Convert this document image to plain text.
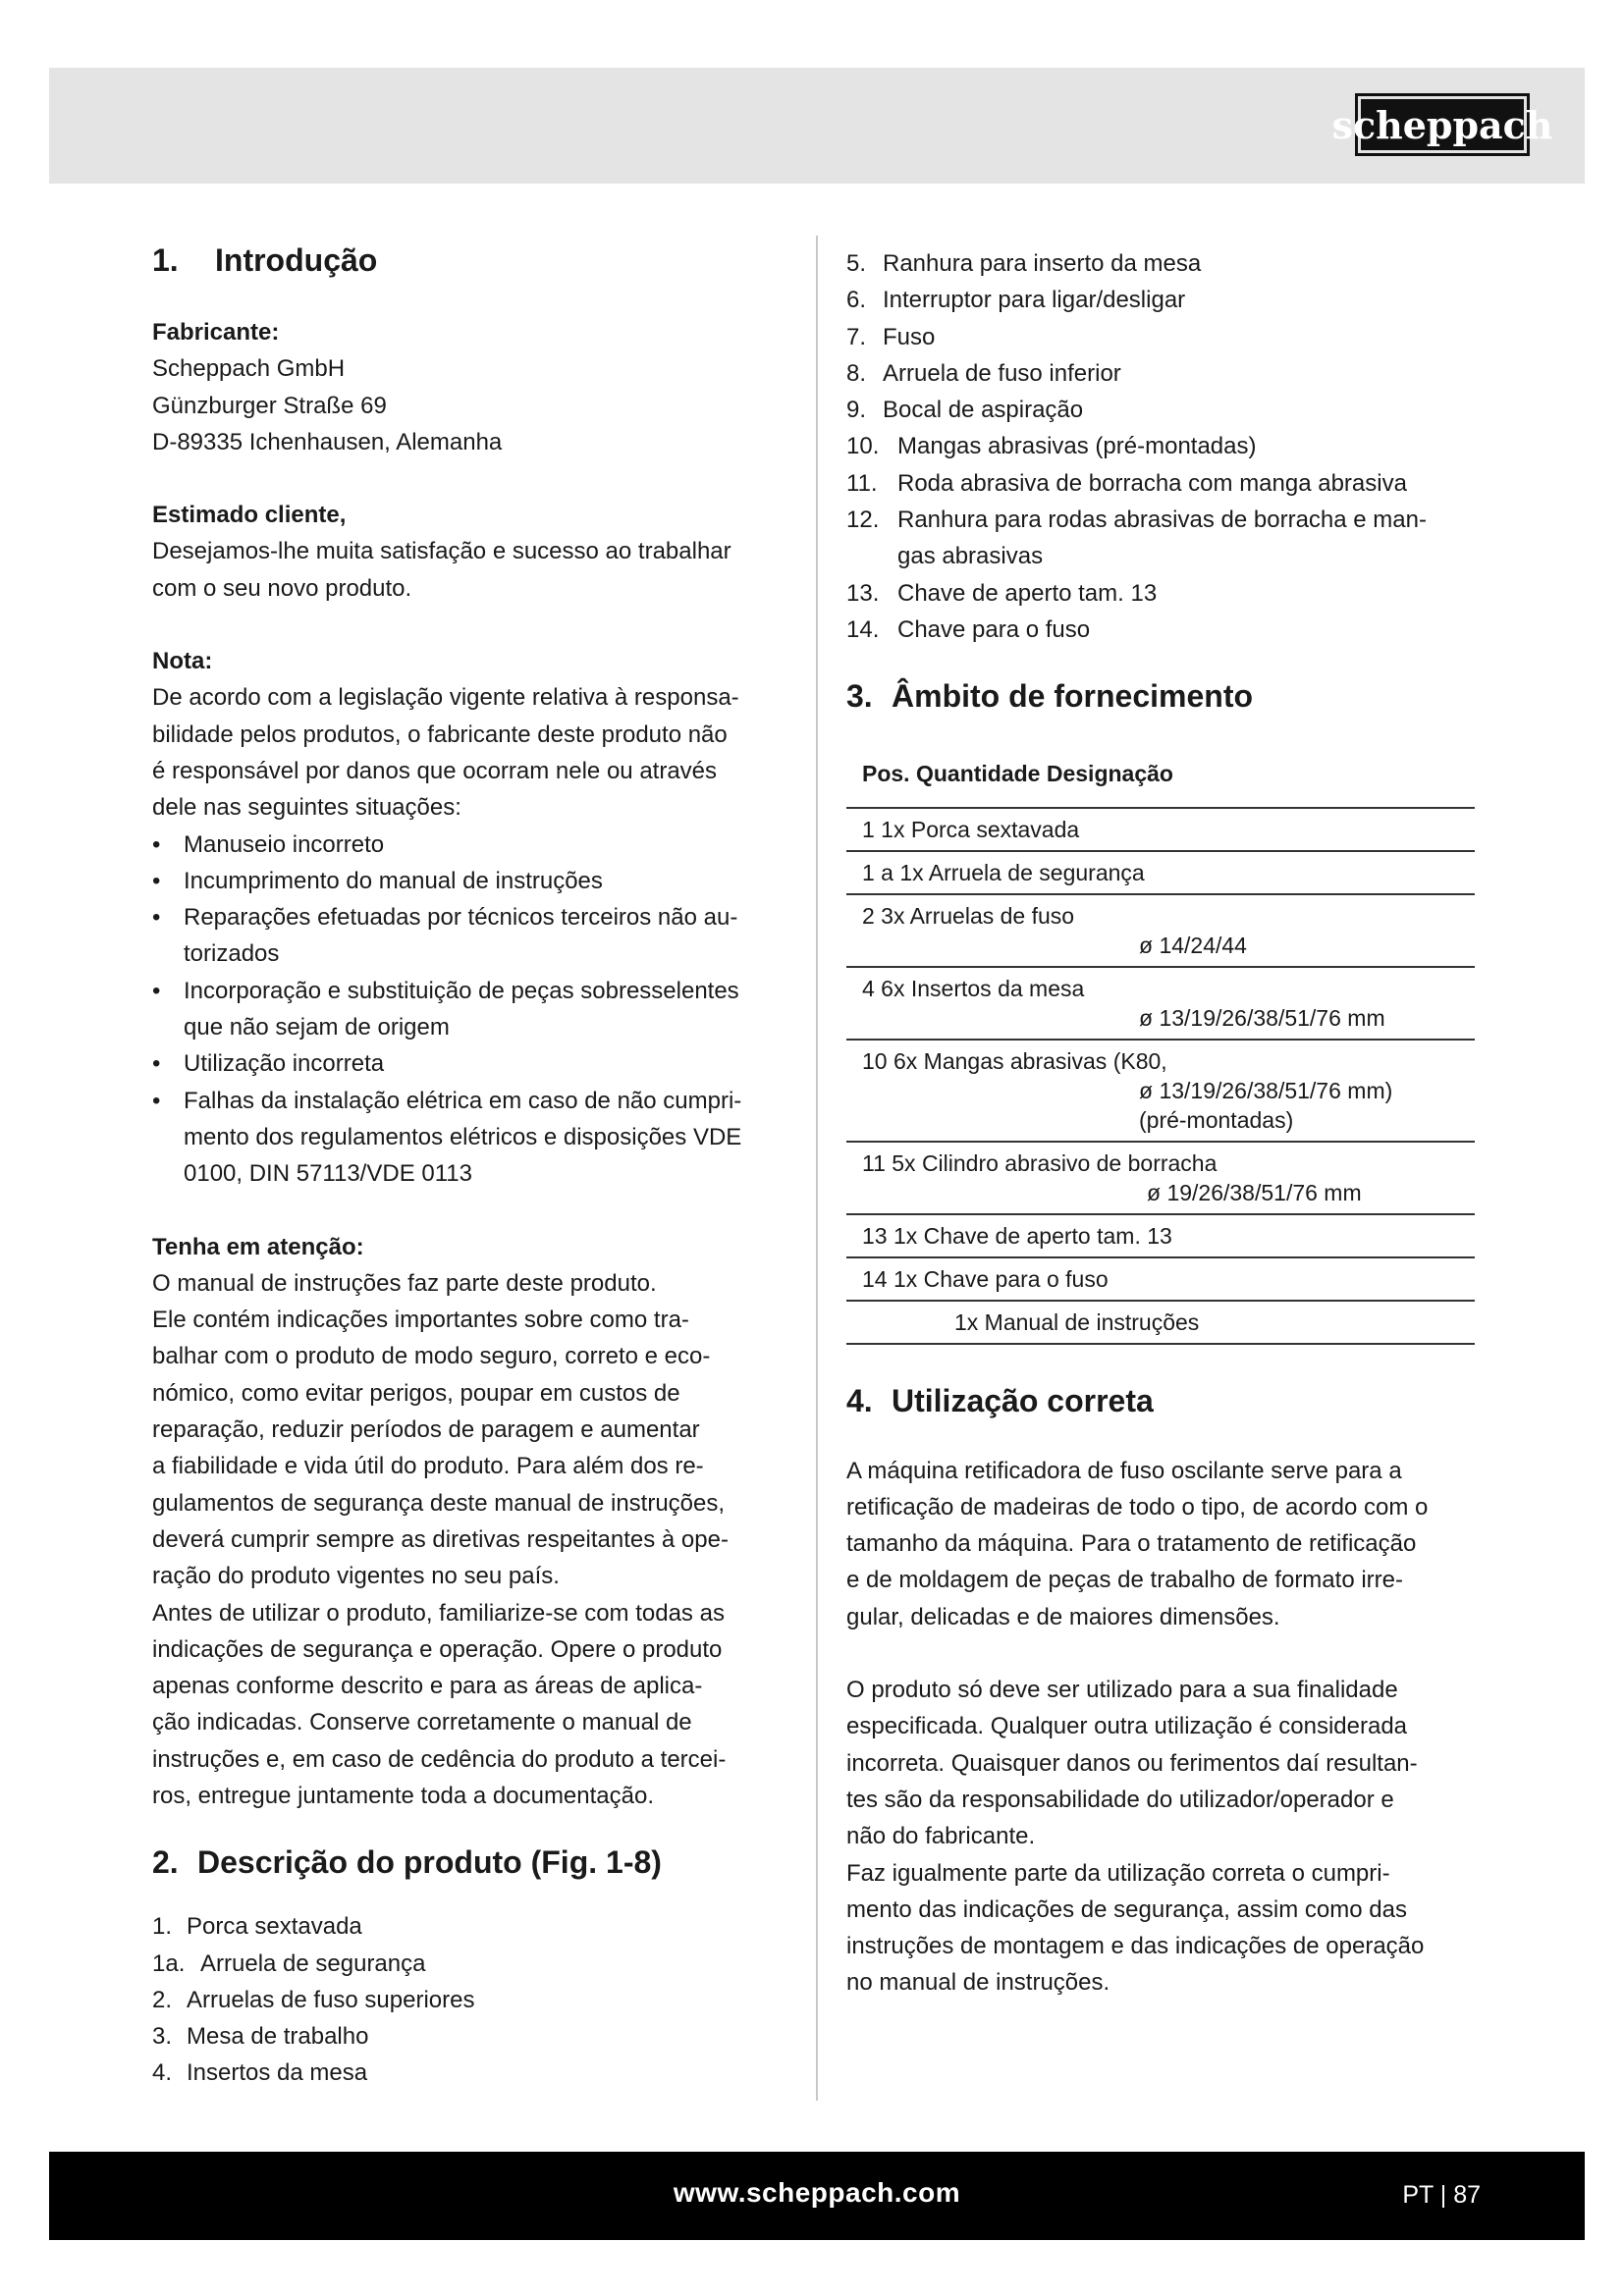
scheppach
1. Introdução
Fabricante:
Scheppach GmbH
Günzburger Straße 69
D-89335 Ichenhausen, Alemanha
Estimado cliente,
Desejamos-lhe muita satisfação e sucesso ao trabalhar
com o seu novo produto.
Nota:
De acordo com a legislação vigente relativa à responsa-
bilidade pelos produtos, o fabricante deste produto não
é responsável por danos que ocorram nele ou através
dele nas seguintes situações:
• Manuseio incorreto
• Incumprimento do manual de instruções
• Reparações efetuadas por técnicos terceiros não au-
torizados
• Incorporação e substituição de peças sobresselentes
que não sejam de origem
• Utilização incorreta
• Falhas da instalação elétrica em caso de não cumpri-
mento dos regulamentos elétricos e disposições VDE
0100, DIN 57113/VDE 0113
Tenha em atenção:
O manual de instruções faz parte deste produto.
Ele contém indicações importantes sobre como tra-
balhar com o produto de modo seguro, correto e eco-
nómico, como evitar perigos, poupar em custos de
reparação, reduzir períodos de paragem e aumentar
a fiabilidade e vida útil do produto. Para além dos re-
gulamentos de segurança deste manual de instruções,
deverá cumprir sempre as diretivas respeitantes à ope-
ração do produto vigentes no seu país.
Antes de utilizar o produto, familiarize-se com todas as
indicações de segurança e operação. Opere o produto
apenas conforme descrito e para as áreas de aplica-
ção indicadas. Conserve corretamente o manual de
instruções e, em caso de cedência do produto a tercei-
ros, entregue juntamente toda a documentação.
2. Descrição do produto (Fig. 1-8)
1. Porca sextavada
1a. Arruela de segurança
2. Arruelas de fuso superiores
3. Mesa de trabalho
4. Insertos da mesa
5. Ranhura para inserto da mesa
6. Interruptor para ligar/desligar
7. Fuso
8. Arruela de fuso inferior
9. Bocal de aspiração
10. Mangas abrasivas (pré-montadas)
11. Roda abrasiva de borracha com manga abrasiva
12. Ranhura para rodas abrasivas de borracha e man-
gas abrasivas
13. Chave de aperto tam. 13
14. Chave para o fuso
3. Âmbito de fornecimento
Pos. Quantidade Designação
1 1x Porca sextavada
1 a 1x Arruela de segurança
2 3x Arruelas de fuso
ø 14/24/44
4 6x Insertos da mesa
ø 13/19/26/38/51/76 mm
10 6x Mangas abrasivas (K80,
ø 13/19/26/38/51/76 mm)
(pré-montadas)
11 5x Cilindro abrasivo de borracha
ø 19/26/38/51/76 mm
13 1x Chave de aperto tam. 13
14 1x Chave para o fuso
1x Manual de instruções
4. Utilização correta
A máquina retificadora de fuso oscilante serve para a
retificação de madeiras de todo o tipo, de acordo com o
tamanho da máquina. Para o tratamento de retificação
e de moldagem de peças de trabalho de formato irre-
gular, delicadas e de maiores dimensões.
O produto só deve ser utilizado para a sua finalidade
especificada. Qualquer outra utilização é considerada
incorreta. Quaisquer danos ou ferimentos daí resultan-
tes são da responsabilidade do utilizador/operador e
não do fabricante.
Faz igualmente parte da utilização correta o cumpri-
mento das indicações de segurança, assim como das
instruções de montagem e das indicações de operação
no manual de instruções.
www.scheppach.com	PT | 87
